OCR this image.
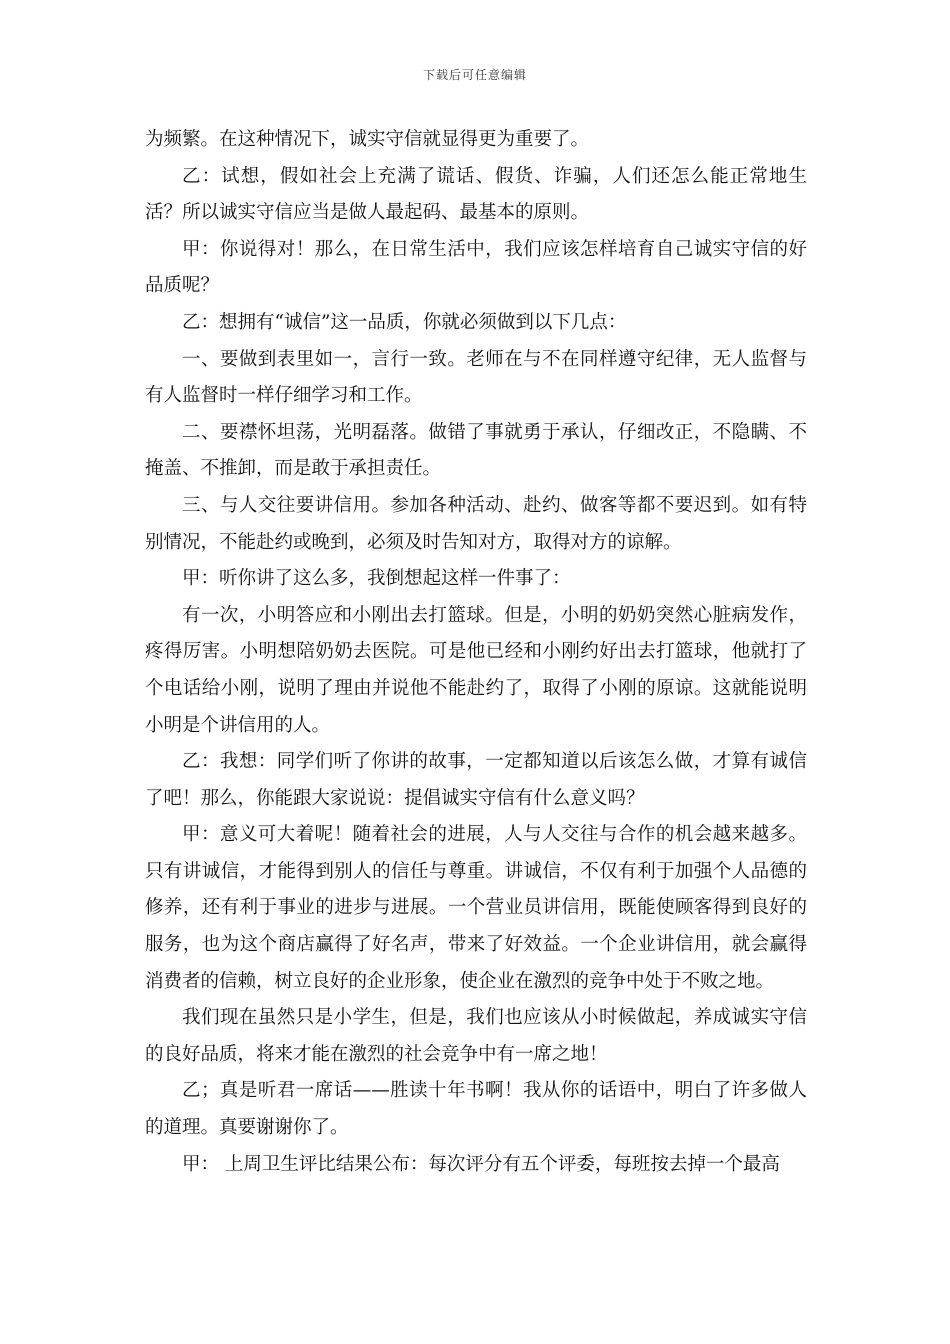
下载后可任意编辑

为频繁。在这种情况下，诚实守信就显得更为重要了。

乙：试想，假如社会上充满了谎话、假货、诈骗，人们还怎么能正常地生活？所以诚实守信应当是做人最起码、最基本的原则。

甲：你说得对！那么，在日常生活中，我们应该怎样培育自己诚实守信的好品质呢？

乙：想拥有“诚信”这一品质，你就必须做到以下几点：

一、要做到表里如一，言行一致。老师在与不在同样遵守纪律，无人监督与有人监督时一样仔细学习和工作。

二、要襟怀坦荡，光明磊落。做错了事就勇于承认，仔细改正，不隐瞒、不掩盖、不推卸，而是敢于承担责任。

三、与人交往要讲信用。参加各种活动、赴约、做客等都不要迟到。如有特别情况，不能赴约或晚到，必须及时告知对方，取得对方的谅解。

甲：听你讲了这么多，我倒想起这样一件事了：

有一次，小明答应和小刚出去打篮球。但是，小明的奶奶突然心脏病发作，疼得厉害。小明想陪奶奶去医院。可是他已经和小刚约好出去打篮球，他就打了个电话给小刚，说明了理由并说他不能赴约了，取得了小刚的原谅。这就能说明小明是个讲信用的人。

乙：我想：同学们听了你讲的故事，一定都知道以后该怎么做，才算有诚信了吧！那么，你能跟大家说说：提倡诚实守信有什么意义吗？

甲：意义可大着呢！随着社会的进展，人与人交往与合作的机会越来越多。只有讲诚信，才能得到别人的信任与尊重。讲诚信，不仅有利于加强个人品德的修养，还有利于事业的进步与进展。一个营业员讲信用，既能使顾客得到良好的服务，也为这个商店赢得了好名声，带来了好效益。一个企业讲信用，就会赢得消费者的信赖，树立良好的企业形象，使企业在激烈的竞争中处于不败之地。

我们现在虽然只是小学生，但是，我们也应该从小时候做起，养成诚实守信的良好品质，将来才能在激烈的社会竞争中有一席之地！

乙；真是听君一席话——胜读十年书啊！我从你的话语中，明白了许多做人的道理。真要谢谢你了。

甲： 上周卫生评比结果公布：每次评分有五个评委，每班按去掉一个最高
